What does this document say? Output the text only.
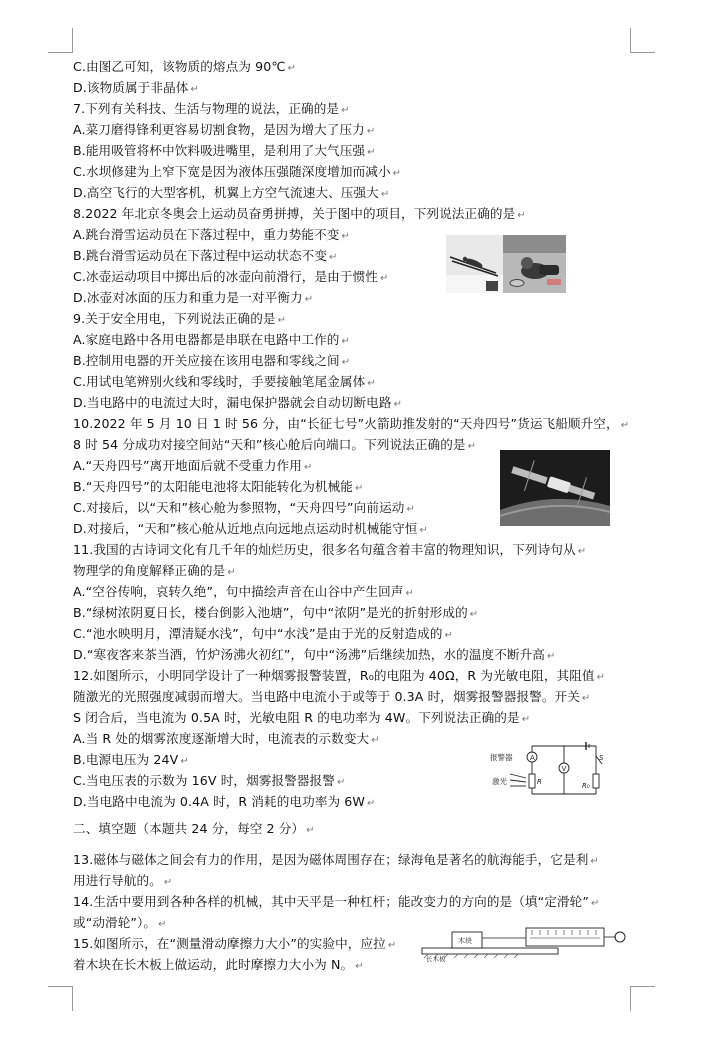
C.由图乙可知，该物质的熔点为 90℃ ↵
D.该物质属于非晶体 ↵
7.下列有关科技、生活与物理的说法，正确的是 ↵
A.菜刀磨得锋利更容易切割食物，是因为增大了压力 ↵
B.能用吸管将杯中饮料吸进嘴里，是利用了大气压强 ↵
C.水坝修建为上窄下宽是因为液体压强随深度增加而减小 ↵
D.高空飞行的大型客机，机翼上方空气流速大、压强大 ↵
8.2022 年北京冬奥会上运动员奋勇拼搏，关于图中的项目，下列说法正确的是 ↵
A.跳台滑雪运动员在下落过程中，重力势能不变 ↵
B.跳台滑雪运动员在下落过程中运动状态不变 ↵
C.冰壶运动项目中掷出后的冰壶向前滑行，是由于惯性 ↵
D.冰壶对冰面的压力和重力是一对平衡力 ↵
9.关于安全用电，下列说法正确的是 ↵
A.家庭电路中各用电器都是串联在电路中工作的 ↵
B.控制用电器的开关应接在该用电器和零线之间 ↵
C.用试电笔辨别火线和零线时，手要接触笔尾金属体 ↵
D.当电路中的电流过大时，漏电保护器就会自动切断电路 ↵
10.2022 年 5 月 10 日 1 时 56 分，由“长征七号”火箭助推发射的“天舟四号”货运飞船顺升空， ↵
8 时 54 分成功对接空间站“天和”核心舱后向端口。下列说法正确的是 ↵
A.“天舟四号”离开地面后就不受重力作用 ↵
B.“天舟四号”的太阳能电池将太阳能转化为机械能 ↵
C.对接后，以“天和”核心舱为参照物，“天舟四号”向前运动 ↵
D.对接后，“天和”核心舱从近地点向远地点运动时机械能守恒 ↵
11.我国的古诗词文化有几千年的灿烂历史，很多名句蕴含着丰富的物理知识，下列诗句从 ↵
物理学的角度解释正确的是 ↵
A.“空谷传响，哀转久绝”，句中描绘声音在山谷中产生回声 ↵
B.“绿树浓阴夏日长，楼台倒影入池塘”，句中“浓阴”是光的折射形成的 ↵
C.“池水映明月，潭清疑水浅”，句中“水浅”是由于光的反射造成的 ↵
D.“寒夜客来茶当酒，竹炉汤沸火初红”，句中“汤沸”后继续加热，水的温度不断升高 ↵
12.如图所示，小明同学设计了一种烟雾报警装置，R₀的电阻为 40Ω，R 为光敏电阻，其阻值 ↵
随激光的光照强度减弱而增大。当电路中电流小于或等于 0.3A 时，烟雾报警器报警。开关 ↵
S 闭合后，当电流为 0.5A 时，光敏电阻 R 的电功率为 4W。下列说法正确的是 ↵
A.当 R 处的烟雾浓度逐渐增大时，电流表的示数变大 ↵
B.电源电压为 24V ↵
C.当电压表的示数为 16V 时，烟雾报警器报警 ↵
D.当电路中电流为 0.4A 时，R 消耗的电功率为 6W ↵
二、填空题（本题共 24 分，每空 2 分） ↵
13.磁体与磁体之间会有力的作用，是因为磁体周围存在；绿海龟是著名的航海能手，它是利 ↵
用进行导航的。 ↵
14.生活中要用到各种各样的机械，其中天平是一种杠杆；能改变力的方向的是（填“定滑轮” ↵
或“动滑轮”）。 ↵
15.如图所示，在“测量滑动摩擦力大小”的实验中，应拉 ↵
着木块在长木板上做运动，此时摩擦力大小为 N。 ↵
A
V
报警器
激光	R	R₀
S
木块
长木板
